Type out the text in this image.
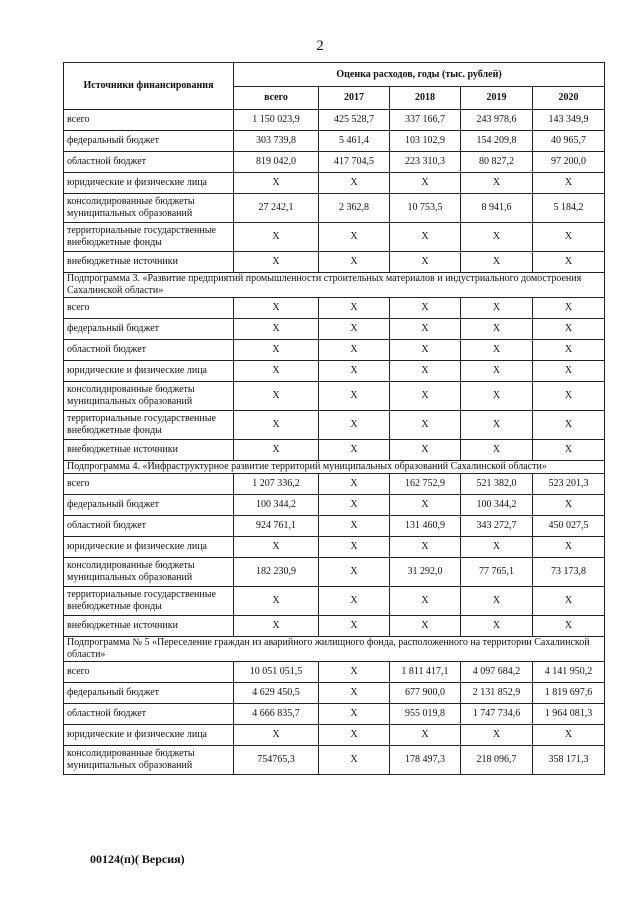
2
Источники финансирования	Оценка расходов, годы (тыс. рублей)				
	всего	2017	2018	2019	2020
всего	1 150 023,9	425 528,7	337 166,7	243 978,6	143 349,9
федеральный бюджет	303 739,8	5 461,4	103 102,9	154 209,8	40 965,7
областной бюджет	819 042,0	417 704,5	223 310,3	80 827,2	97 200,0
юридические и физические лица	X	X	X	X	X
консолидированные бюджеты муниципальных образований	27 242,1	2 362,8	10 753,5	8 941,6	5 184,2
территориальные государственные внебюджетные фонды	X	X	X	X	X
внебюджетные источники	X	X	X	X	X
Подпрограмма 3. «Развитие предприятий промышленности строительных материалов и индустриального домостроения Сахалинской области»					
всего	X	X	X	X	X
федеральный бюджет	X	X	X	X	X
областной бюджет	X	X	X	X	X
юридические и физические лица	X	X	X	X	X
консолидированные бюджеты муниципальных образований	X	X	X	X	X
территориальные государственные внебюджетные фонды	X	X	X	X	X
внебюджетные источники	X	X	X	X	X
Подпрограмма 4. «Инфраструктурное развитие территорий муниципальных образований Сахалинской области»					
всего	1 207 336,2	X	162 752,9	521 382,0	523 201,3
федеральный бюджет	100 344,2	X	X	100 344,2	X
областной бюджет	924 761,1	X	131 460,9	343 272,7	450 027,5
юридические и физические лица	X	X	X	X	X
консолидированные бюджеты муниципальных образований	182 230,9	X	31 292,0	77 765,1	73 173,8
территориальные государственные внебюджетные фонды	X	X	X	X	X
внебюджетные источники	X	X	X	X	X
Подпрограмма № 5 «Переселение граждан из аварийного жилищного фонда, расположенного на территории Сахалинской области»					
всего	10 051 051,5	X	1 811 417,1	4 097 684,2	4 141 950,2
федеральный бюджет	4 629 450,5	X	677 900,0	2 131 852,9	1 819 697,6
областной бюджет	4 666 835,7	X	955 019,8	1 747 734,6	1 964 081,3
юридические и физические лица	X	X	X	X	X
консолидированные бюджеты муниципальных образований	754765,3	X	178 497,3	218 096,7	358 171,3
00124(п)( Версия)
